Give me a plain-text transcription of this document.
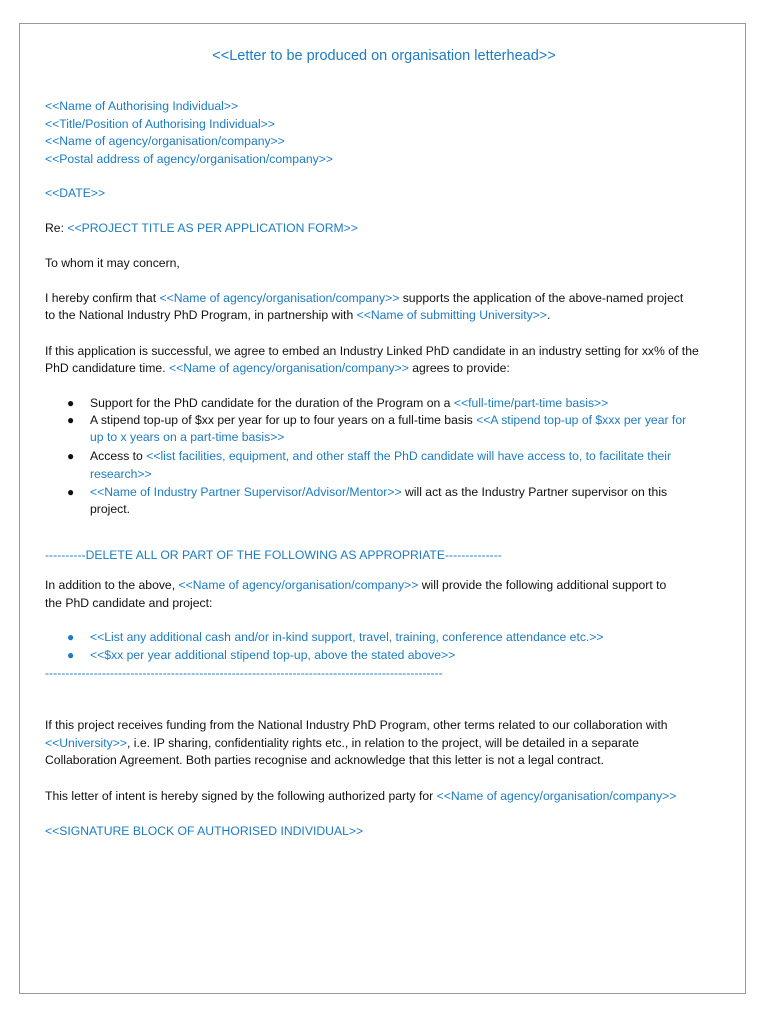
<<Letter to be produced on organisation letterhead>>

<<Name of Authorising Individual>>

<<Title/Position of Authorising Individual>>

<<Name of agency/organisation/company>>

<<Postal address of agency/organisation/company>>

<<DATE>>

Re: <<PROJECT TITLE AS PER APPLICATION FORM>>

To whom it may concern,

I hereby confirm that <<Name of agency/organisation/company>> supports the application of the above-named project

to the National Industry PhD Program, in partnership with <<Name of submitting University>>.

If this application is successful, we agree to embed an Industry Linked PhD candidate in an industry setting for xx% of the

PhD candidature time. <<Name of agency/organisation/company>> agrees to provide:

● Support for the PhD candidate for the duration of the Program on a <<full-time/part-time basis>>

● A stipend top-up of $xx per year for up to four years on a full-time basis <<A stipend top-up of $xxx per year for

up to x years on a part-time basis>>

● Access to <<list facilities, equipment, and other staff the PhD candidate will have access to, to facilitate their

research>>

● <<Name of Industry Partner Supervisor/Advisor/Mentor>> will act as the Industry Partner supervisor on this

project.

----------DELETE ALL OR PART OF THE FOLLOWING AS APPROPRIATE--------------

In addition to the above, <<Name of agency/organisation/company>> will provide the following additional support to

the PhD candidate and project:

● <<List any additional cash and/or in-kind support, travel, training, conference attendance etc.>>

● <<$xx per year additional stipend top-up, above the stated above>>

--------------------------------------------------------------------------------------------------

If this project receives funding from the National Industry PhD Program, other terms related to our collaboration with

<<University>>, i.e. IP sharing, confidentiality rights etc., in relation to the project, will be detailed in a separate

Collaboration Agreement. Both parties recognise and acknowledge that this letter is not a legal contract.

This letter of intent is hereby signed by the following authorized party for <<Name of agency/organisation/company>>

<<SIGNATURE BLOCK OF AUTHORISED INDIVIDUAL>>
